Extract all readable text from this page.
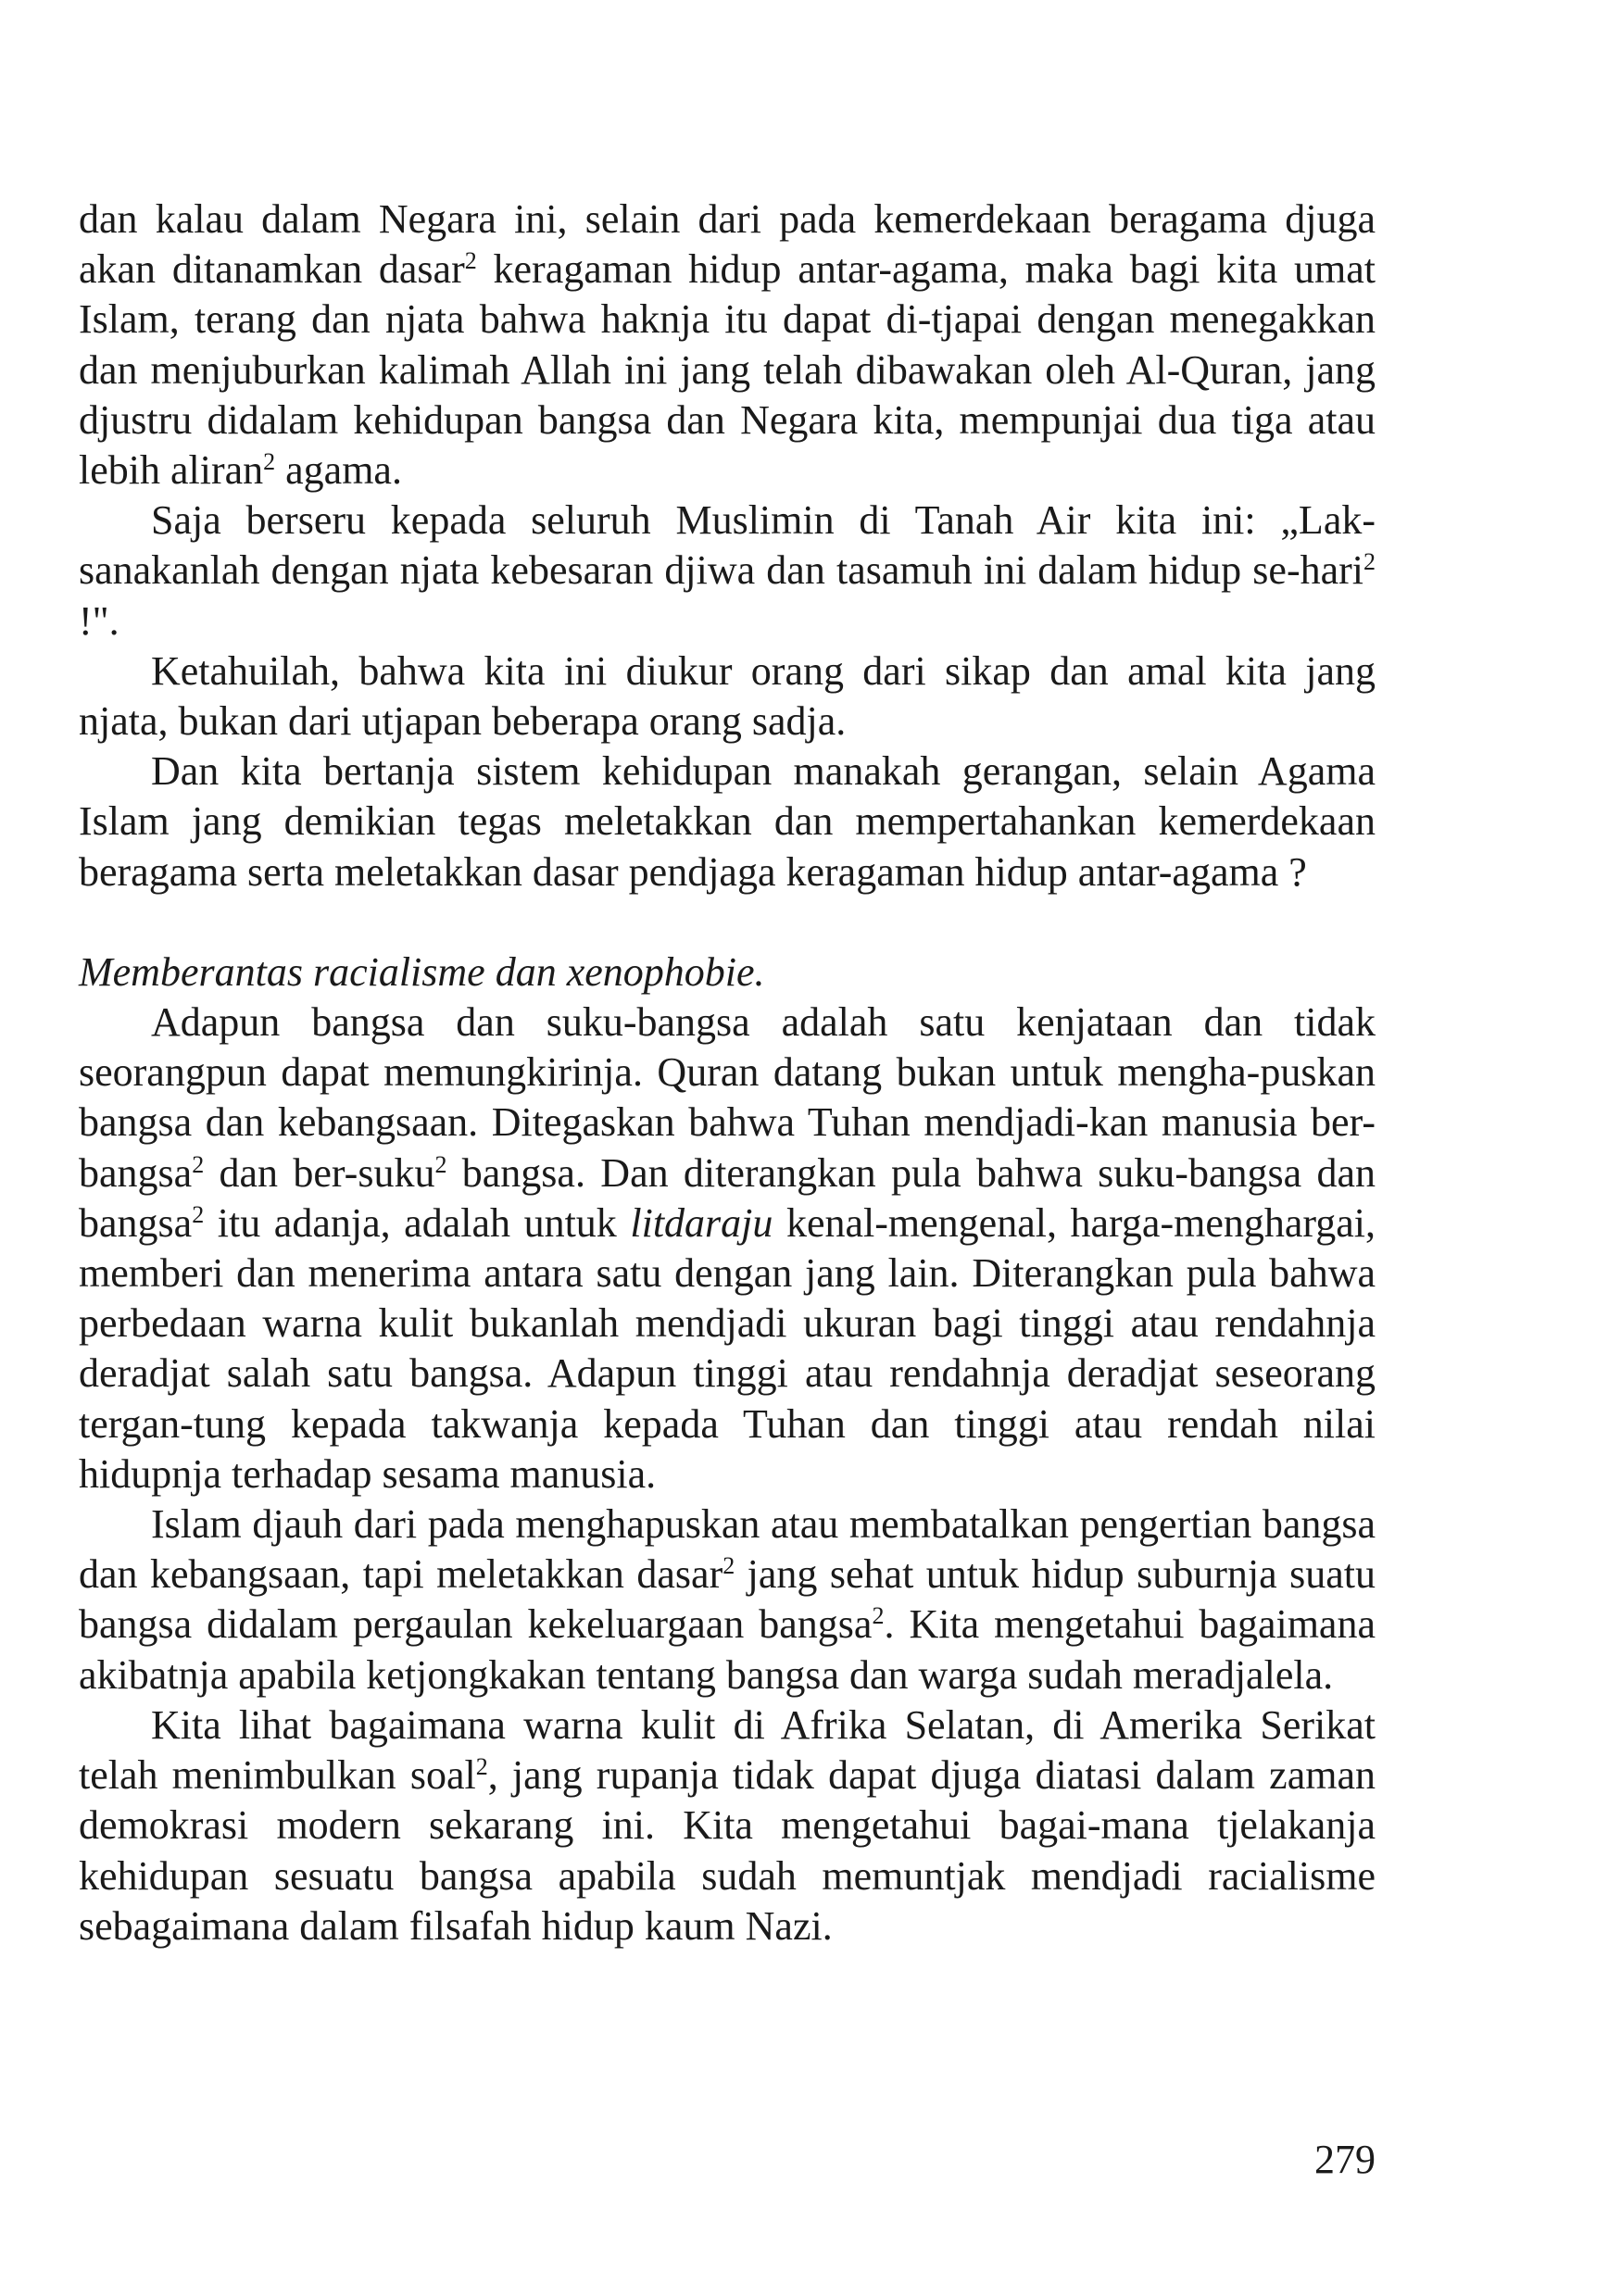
dan kalau dalam Negara ini, selain dari pada kemerdekaan beragama djuga akan ditanamkan dasar$^2$ keragaman hidup antar-agama, maka bagi kita umat Islam, terang dan njata bahwa haknja itu dapat di-tjapai dengan menegakkan dan menjuburkan kalimah Allah ini jang telah dibawakan oleh Al-Quran, jang djustru didalam kehidupan bangsa dan Negara kita, mempunjai dua tiga atau lebih aliran$^2$ agama.

Saja berseru kepada seluruh Muslimin di Tanah Air kita ini: „Lak-sanakanlah dengan njata kebesaran djiwa dan tasamuh ini dalam hidup se-hari$^2$ !".

Ketahuilah, bahwa kita ini diukur orang dari sikap dan amal kita jang njata, bukan dari utjapan beberapa orang sadja.

Dan kita bertanja sistem kehidupan manakah gerangan, selain Agama Islam jang demikian tegas meletakkan dan mempertahankan kemerdekaan beragama serta meletakkan dasar pendjaga keragaman hidup antar-agama ?

Memberantas racialisme dan xenophobie.

Adapun bangsa dan suku-bangsa adalah satu kenjataan dan tidak seorangpun dapat memungkirinja. Quran datang bukan untuk mengha-puskan bangsa dan kebangsaan. Ditegaskan bahwa Tuhan mendjadi-kan manusia ber-bangsa$^2$ dan ber-suku$^2$ bangsa. Dan diterangkan pula bahwa suku-bangsa dan bangsa$^2$ itu adanja, adalah untuk litdaraju kenal-mengenal, harga-menghargai, memberi dan menerima antara satu dengan jang lain. Diterangkan pula bahwa perbedaan warna kulit bukanlah mendjadi ukuran bagi tinggi atau rendahnja deradjat salah satu bangsa. Adapun tinggi atau rendahnja deradjat seseorang tergan-tung kepada takwanja kepada Tuhan dan tinggi atau rendah nilai hidupnja terhadap sesama manusia.

Islam djauh dari pada menghapuskan atau membatalkan pengertian bangsa dan kebangsaan, tapi meletakkan dasar$^2$ jang sehat untuk hidup suburnja suatu bangsa didalam pergaulan kekeluargaan bangsa$^2$. Kita mengetahui bagaimana akibatnja apabila ketjongkakan tentang bangsa dan warga sudah meradjalela.

Kita lihat bagaimana warna kulit di Afrika Selatan, di Amerika Serikat telah menimbulkan soal$^2$, jang rupanja tidak dapat djuga diatasi dalam zaman demokrasi modern sekarang ini. Kita mengetahui bagai-mana tjelakanja kehidupan sesuatu bangsa apabila sudah memuntjak mendjadi racialisme sebagaimana dalam filsafah hidup kaum Nazi.

279
